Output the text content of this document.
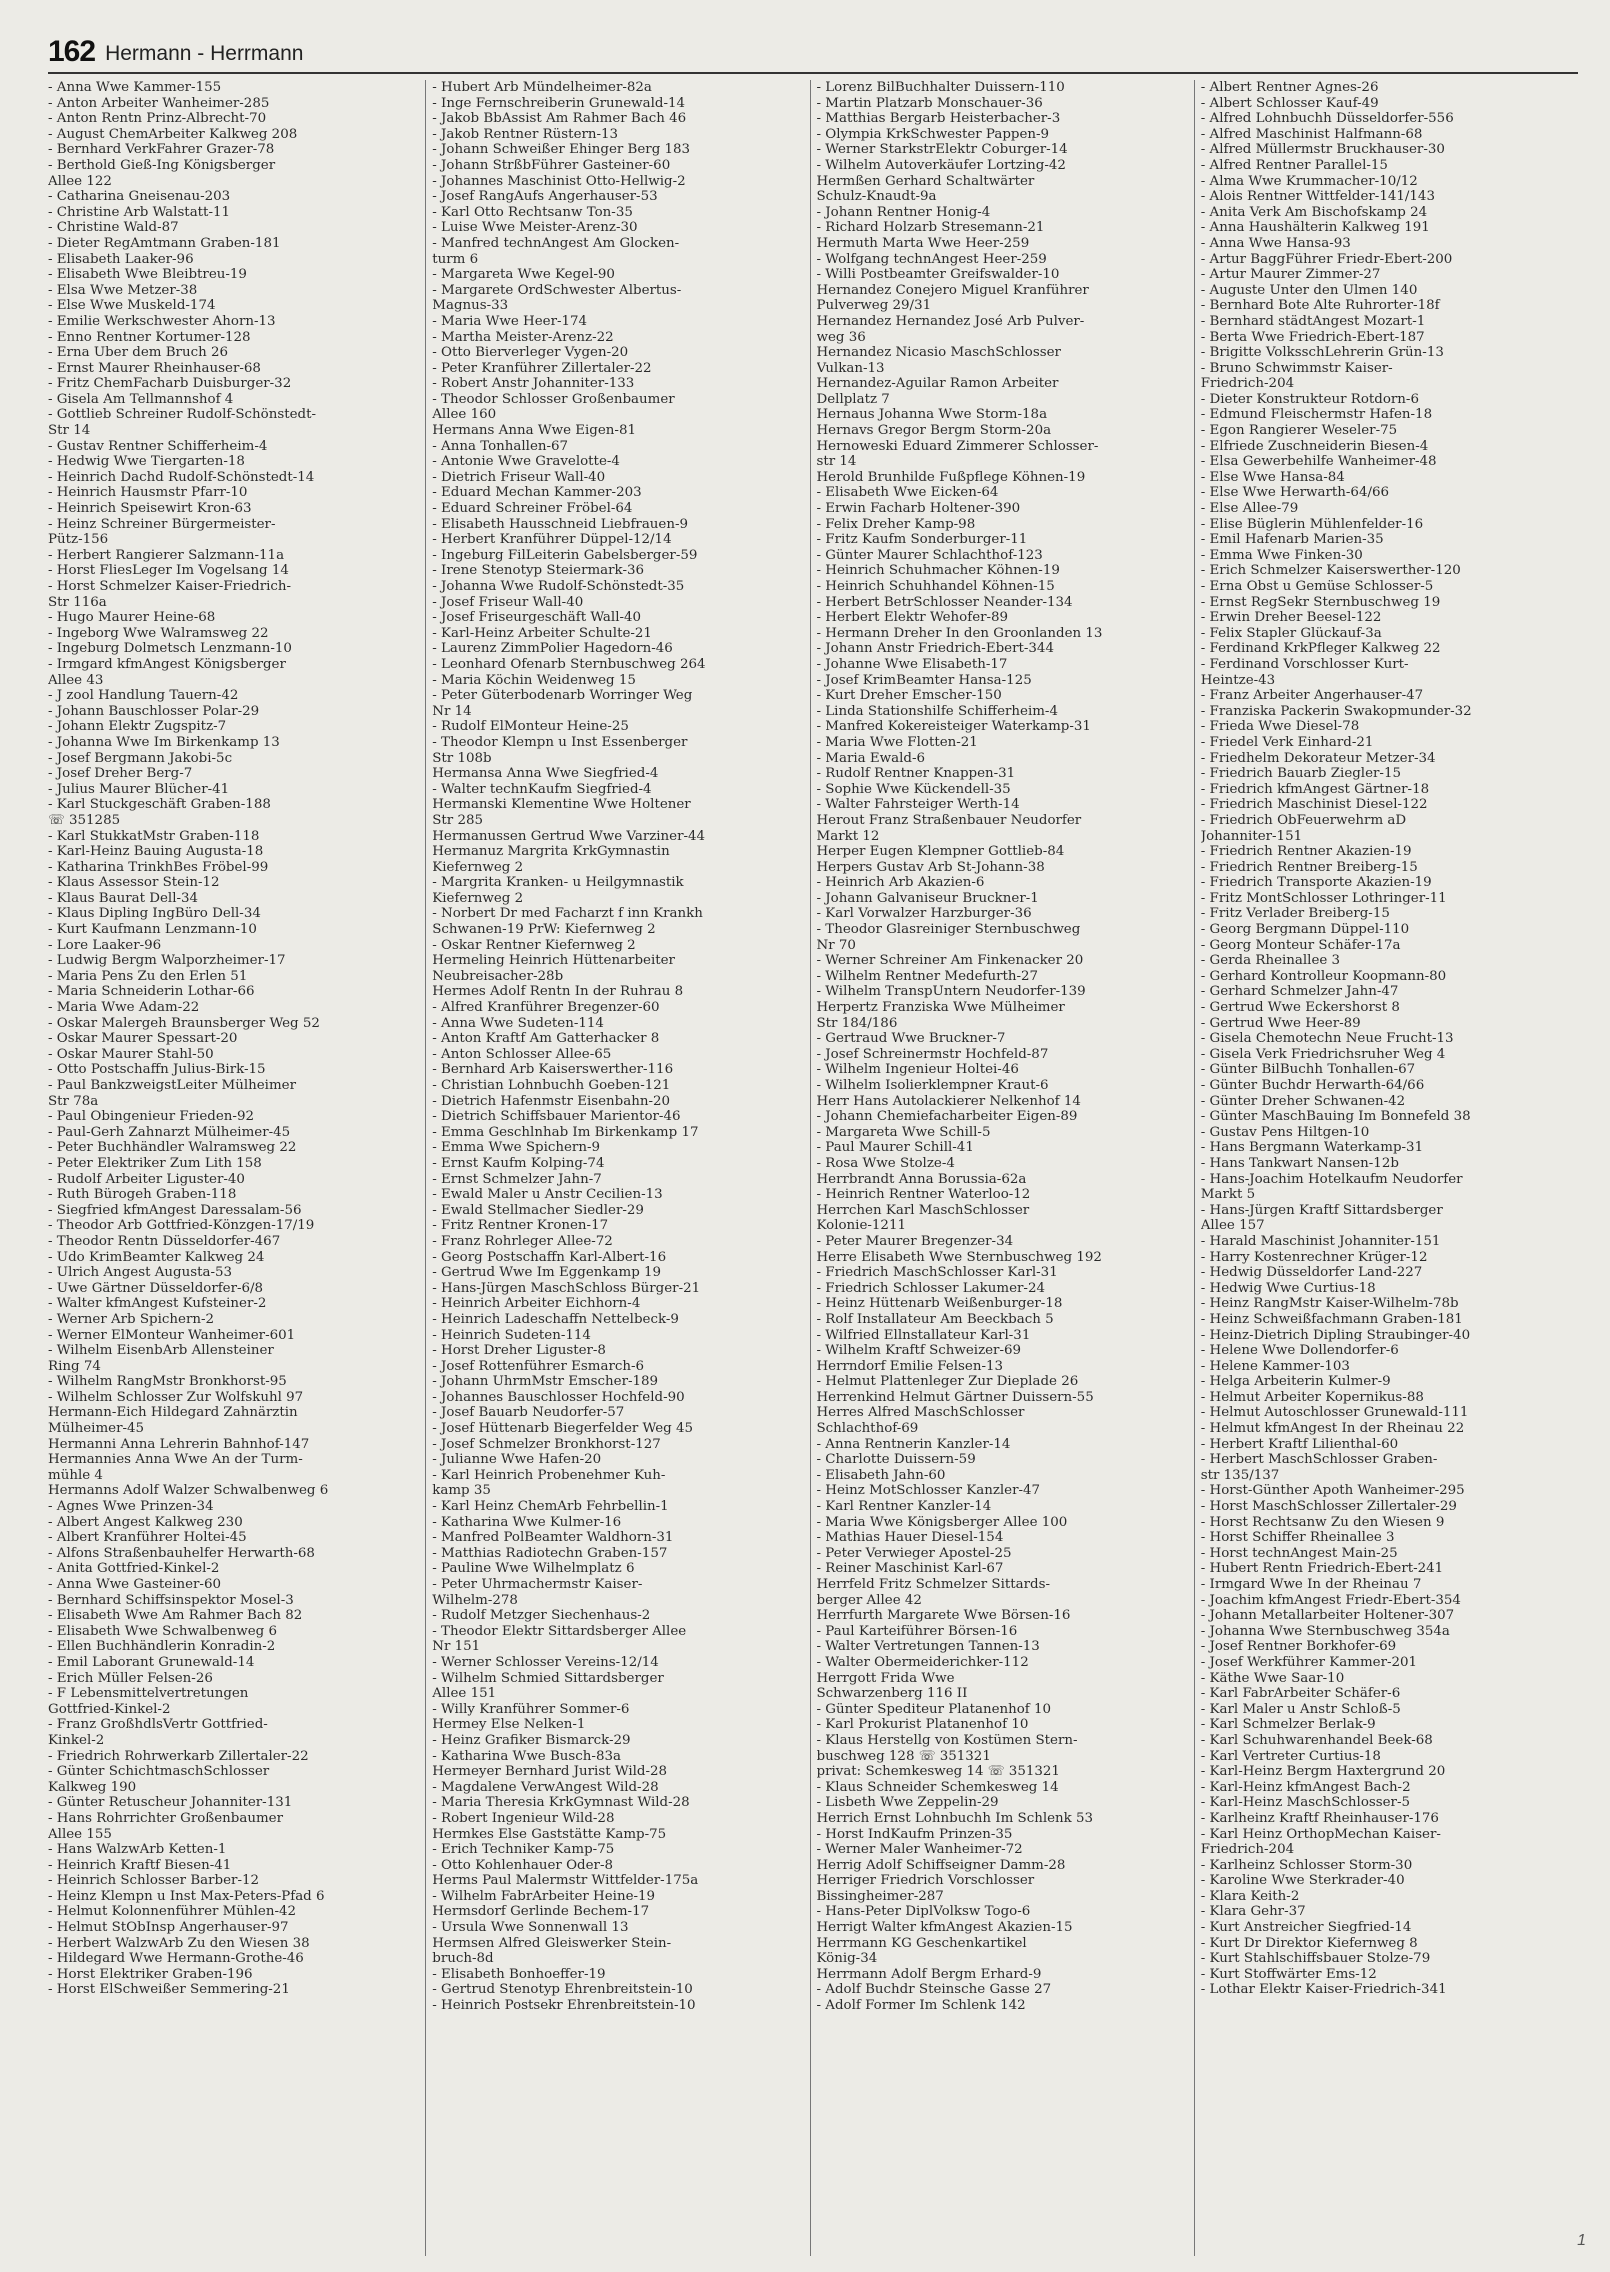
162 Hermann - Herrmann
- Anna Wwe Kammer-155
- Anton Arbeiter Wanheimer-285
- Anton Rentn Prinz-Albrecht-70
- August ChemArbeiter Kalkweg 208
- Bernhard VerkFahrer Grazer-78
- Berthold Gieß-Ing Königsberger
Allee 122
- Catharina Gneisenau-203
- Christine Arb Walstatt-11
- Christine Wald-87
- Dieter RegAmtmann Graben-181
- Elisabeth Laaker-96
- Elisabeth Wwe Bleibtreu-19
- Elsa Wwe Metzer-38
- Else Wwe Muskeld-174
- Emilie Werkschwester Ahorn-13
- Enno Rentner Kortumer-128
- Erna Über dem Bruch 26
- Ernst Maurer Rheinhauser-68
- Fritz ChemFacharb Duisburger-32
- Gisela Am Tellmannshof 4
- Gottlieb Schreiner Rudolf-Schönstedt-
Str 14
- Gustav Rentner Schifferheim-4
- Hedwig Wwe Tiergarten-18
- Heinrich Dachd Rudolf-Schönstedt-14
- Heinrich Hausmstr Pfarr-10
- Heinrich Speisewirt Kron-63
- Heinz Schreiner Bürgermeister-
Pütz-156
- Herbert Rangierer Salzmann-11a
- Horst FliesLeger Im Vogelsang 14
- Horst Schmelzer Kaiser-Friedrich-
Str 116a
- Hugo Maurer Heine-68
- Ingeborg Wwe Walramsweg 22
- Ingeburg Dolmetsch Lenzmann-10
- Irmgard kfmAngest Königsberger
Allee 43
- J zool Handlung Tauern-42
- Johann Bauschlosser Polar-29
- Johann Elektr Zugspitz-7
- Johanna Wwe Im Birkenkamp 13
- Josef Bergmann Jakobi-5c
- Josef Dreher Berg-7
- Julius Maurer Blücher-41
- Karl Stuckgeschäft Graben-188
☏ 351285
- Karl StukkatMstr Graben-118
- Karl-Heinz Bauing Augusta-18
- Katharina TrinkhBes Fröbel-99
- Klaus Assessor Stein-12
- Klaus Baurat Dell-34
- Klaus Dipling IngBüro Dell-34
- Kurt Kaufmann Lenzmann-10
- Lore Laaker-96
- Ludwig Bergm Walporzheimer-17
- Maria Pens Zu den Erlen 51
- Maria Schneiderin Lothar-66
- Maria Wwe Adam-22
- Oskar Malergeh Braunsberger Weg 52
- Oskar Maurer Spessart-20
- Oskar Maurer Stahl-50
- Otto Postschaffn Julius-Birk-15
- Paul BankzweigstLeiter Mülheimer
Str 78a
- Paul Obingenieur Frieden-92
- Paul-Gerh Zahnarzt Mülheimer-45
- Peter Buchhändler Walramsweg 22
- Peter Elektriker Zum Lith 158
- Rudolf Arbeiter Liguster-40
- Ruth Bürogeh Graben-118
- Siegfried kfmAngest Daressalam-56
- Theodor Arb Gottfried-Könzgen-17/19
- Theodor Rentn Düsseldorfer-467
- Udo KrimBeamter Kalkweg 24
- Ulrich Angest Augusta-53
- Uwe Gärtner Düsseldorfer-6/8
- Walter kfmAngest Kufsteiner-2
- Werner Arb Spichern-2
- Werner ElMonteur Wanheimer-601
- Wilhelm EisenbArb Allensteiner
Ring 74
- Wilhelm RangMstr Bronkhorst-95
- Wilhelm Schlosser Zur Wolfskuhl 97
Hermann-Eich Hildegard Zahnärztin
Mülheimer-45
Hermanni Anna Lehrerin Bahnhof-147
Hermannies Anna Wwe An der Turm-
mühle 4
Hermanns Adolf Walzer Schwalbenweg 6
- Agnes Wwe Prinzen-34
- Albert Angest Kalkweg 230
- Albert Kranführer Holtei-45
- Alfons Straßenbauhelfer Herwarth-68
- Anita Gottfried-Kinkel-2
- Anna Wwe Gasteiner-60
- Bernhard Schiffsinspektor Mosel-3
- Elisabeth Wwe Am Rahmer Bach 82
- Elisabeth Wwe Schwalbenweg 6
- Ellen Buchhändlerin Konradin-2
- Emil Laborant Grunewald-14
- Erich Müller Felsen-26
- F Lebensmittelvertretungen
Gottfried-Kinkel-2
- Franz GroßhdlsVertr Gottfried-
Kinkel-2
- Friedrich Rohrwerkarb Zillertaler-22
- Günter SchichtmaschSchlosser
Kalkweg 190
- Günter Retuscheur Johanniter-131
- Hans Rohrrichter Großenbaumer
Allee 155
- Hans WalzwArb Ketten-1
- Heinrich Kraftf Biesen-41
- Heinrich Schlosser Barber-12
- Heinz Klempn u Inst Max-Peters-Pfad 6
- Helmut Kolonnenführer Mühlen-42
- Helmut StObInsp Angerhauser-97
- Herbert WalzwArb Zu den Wiesen 38
- Hildegard Wwe Hermann-Grothe-46
- Horst Elektriker Graben-196
- Horst ElSchweißer Semmering-21
- Hubert Arb Mündelheimer-82a
- Inge Fernschreiberin Grunewald-14
- Jakob BbAssist Am Rahmer Bach 46
- Jakob Rentner Rüstern-13
- Johann Schweißer Ehinger Berg 183
- Johann StrßbFührer Gasteiner-60
- Johannes Maschinist Otto-Hellwig-2
- Josef RangAufs Angerhauser-53
- Karl Otto Rechtsanw Ton-35
- Luise Wwe Meister-Arenz-30
- Manfred technAngest Am Glocken-
turm 6
- Margareta Wwe Kegel-90
- Margarete OrdSchwester Albertus-
Magnus-33
- Maria Wwe Heer-174
- Martha Meister-Arenz-22
- Otto Bierverleger Vygen-20
- Peter Kranführer Zillertaler-22
- Robert Anstr Johanniter-133
- Theodor Schlosser Großenbaumer
Allee 160
Hermans Anna Wwe Eigen-81
- Anna Tonhallen-67
- Antonie Wwe Gravelotte-4
- Dietrich Friseur Wall-40
- Eduard Mechan Kammer-203
- Eduard Schreiner Fröbel-64
- Elisabeth Hausschneid Liebfrauen-9
- Herbert Kranführer Düppel-12/14
- Ingeburg FilLeiterin Gabelsberger-59
- Irene Stenotyp Steiermark-36
- Johanna Wwe Rudolf-Schönstedt-35
- Josef Friseur Wall-40
- Josef Friseurgeschäft Wall-40
- Karl-Heinz Arbeiter Schulte-21
- Laurenz ZimmPolier Hagedorn-46
- Leonhard Ofenarb Sternbuschweg 264
- Maria Köchin Weidenweg 15
- Peter Güterbodenarb Worringer Weg
Nr 14
- Rudolf ElMonteur Heine-25
- Theodor Klempn u Inst Essenberger
Str 108b
Hermansa Anna Wwe Siegfried-4
- Walter technKaufm Siegfried-4
Hermanski Klementine Wwe Holtener
Str 285
Hermanussen Gertrud Wwe Varziner-44
Hermanuz Margrita KrkGymnastin
Kiefernweg 2
- Margrita Kranken- u Heilgymnastik
Kiefernweg 2
- Norbert Dr med Facharzt f inn Krankh
Schwanen-19 PrW: Kiefernweg 2
- Oskar Rentner Kiefernweg 2
Hermeling Heinrich Hüttenarbeiter
Neubreisacher-28b
Hermes Adolf Rentn In der Ruhrau 8
- Alfred Kranführer Bregenzer-60
- Anna Wwe Sudeten-114
- Anton Kraftf Am Gatterhacker 8
- Anton Schlosser Allee-65
- Bernhard Arb Kaiserswerther-116
- Christian Lohnbuchh Goeben-121
- Dietrich Hafenmstr Eisenbahn-20
- Dietrich Schiffsbauer Marientor-46
- Emma Geschlnhab Im Birkenkamp 17
- Emma Wwe Spichern-9
- Ernst Kaufm Kolping-74
- Ernst Schmelzer Jahn-7
- Ewald Maler u Anstr Cecilien-13
- Ewald Stellmacher Siedler-29
- Fritz Rentner Kronen-17
- Franz Rohrleger Allee-72
- Georg Postschaffn Karl-Albert-16
- Gertrud Wwe Im Eggenkamp 19
- Hans-Jürgen MaschSchloss Bürger-21
- Heinrich Arbeiter Eichhorn-4
- Heinrich Ladeschaffn Nettelbeck-9
- Heinrich Sudeten-114
- Horst Dreher Liguster-8
- Josef Rottenführer Esmarch-6
- Johann UhrmMstr Emscher-189
- Johannes Bauschlosser Hochfeld-90
- Josef Bauarb Neudorfer-57
- Josef Hüttenarb Biegerfelder Weg 45
- Josef Schmelzer Bronkhorst-127
- Julianne Wwe Hafen-20
- Karl Heinrich Probenehmer Kuh-
kamp 35
- Karl Heinz ChemArb Fehrbellin-1
- Katharina Wwe Kulmer-16
- Manfred PolBeamter Waldhorn-31
- Matthias Radiotechn Graben-157
- Pauline Wwe Wilhelmplatz 6
- Peter Uhrmachermstr Kaiser-
Wilhelm-278
- Rudolf Metzger Siechenhaus-2
- Theodor Elektr Sittardsberger Allee
Nr 151
- Werner Schlosser Vereins-12/14
- Wilhelm Schmied Sittardsberger
Allee 151
- Willy Kranführer Sommer-6
Hermey Else Nelken-1
- Heinz Grafiker Bismarck-29
- Katharina Wwe Busch-83a
Hermeyer Bernhard Jurist Wild-28
- Magdalene VerwAngest Wild-28
- Maria Theresia KrkGymnast Wild-28
- Robert Ingenieur Wild-28
Hermkes Else Gaststätte Kamp-75
- Erich Techniker Kamp-75
- Otto Kohlenhauer Oder-8
Herms Paul Malermstr Wittfelder-175a
- Wilhelm FabrArbeiter Heine-19
Hermsdorf Gerlinde Bechem-17
- Ursula Wwe Sonnenwall 13
Hermsen Alfred Gleiswerker Stein-
bruch-8d
- Elisabeth Bonhoeffer-19
- Gertrud Stenotyp Ehrenbreitstein-10
- Heinrich Postsekr Ehrenbreitstein-10
- Lorenz BilBuchhalter Duissern-110
- Martin Platzarb Monschauer-36
- Matthias Bergarb Heisterbacher-3
- Olympia KrkSchwester Pappen-9
- Werner StarkstrElektr Coburger-14
- Wilhelm Autoverkäufer Lortzing-42
Hermßen Gerhard Schaltwärter
Schulz-Knaudt-9a
- Johann Rentner Honig-4
- Richard Holzarb Stresemann-21
Hermuth Marta Wwe Heer-259
- Wolfgang technAngest Heer-259
- Willi Postbeamter Greifswalder-10
Hernandez Conejero Miguel Kranführer
Pulverweg 29/31
Hernandez Hernandez José Arb Pulver-
weg 36
Hernandez Nicasio MaschSchlosser
Vulkan-13
Hernandez-Aguilar Ramon Arbeiter
Dellplatz 7
Hernaus Johanna Wwe Storm-18a
Hernavs Gregor Bergm Storm-20a
Hernoweski Eduard Zimmerer Schlosser-
str 14
Herold Brunhilde Fußpflege Köhnen-19
- Elisabeth Wwe Eicken-64
- Erwin Facharb Holtener-390
- Felix Dreher Kamp-98
- Fritz Kaufm Sonderburger-11
- Günter Maurer Schlachthof-123
- Heinrich Schuhmacher Köhnen-19
- Heinrich Schuhhandel Köhnen-15
- Herbert BetrSchlosser Neander-134
- Herbert Elektr Wehofer-89
- Hermann Dreher In den Groonlanden 13
- Johann Anstr Friedrich-Ebert-344
- Johanne Wwe Elisabeth-17
- Josef KrimBeamter Hansa-125
- Kurt Dreher Emscher-150
- Linda Stationshilfe Schifferheim-4
- Manfred Kokereisteiger Waterkamp-31
- Maria Wwe Flotten-21
- Maria Ewald-6
- Rudolf Rentner Knappen-31
- Sophie Wwe Kückendell-35
- Walter Fahrsteiger Werth-14
Herout Franz Straßenbauer Neudorfer
Markt 12
Herper Eugen Klempner Gottlieb-84
Herpers Gustav Arb St-Johann-38
- Heinrich Arb Akazien-6
- Johann Galvaniseur Bruckner-1
- Karl Vorwalzer Harzburger-36
- Theodor Glasreiniger Sternbuschweg
Nr 70
- Werner Schreiner Am Finkenacker 20
- Wilhelm Rentner Medefurth-27
- Wilhelm TranspUntern Neudorfer-139
Herpertz Franziska Wwe Mülheimer
Str 184/186
- Gertraud Wwe Bruckner-7
- Josef Schreinermstr Hochfeld-87
- Wilhelm Ingenieur Holtei-46
- Wilhelm Isolierklempner Kraut-6
Herr Hans Autolackierer Nelkenhof 14
- Johann Chemiefacharbeiter Eigen-89
- Margareta Wwe Schill-5
- Paul Maurer Schill-41
- Rosa Wwe Stolze-4
Herrbrandt Anna Borussia-62a
- Heinrich Rentner Waterloo-12
Herrchen Karl MaschSchlosser
Kolonie-1211
- Peter Maurer Bregenzer-34
Herre Elisabeth Wwe Sternbuschweg 192
- Friedrich MaschSchlosser Karl-31
- Friedrich Schlosser Lakumer-24
- Heinz Hüttenarb Weißenburger-18
- Rolf Installateur Am Beeckbach 5
- Wilfried Ellnstallateur Karl-31
- Wilhelm Kraftf Schweizer-69
Herrndorf Emilie Felsen-13
- Helmut Plattenleger Zur Dieplade 26
Herrenkind Helmut Gärtner Duissern-55
Herres Alfred MaschSchlosser
Schlachthof-69
- Anna Rentnerin Kanzler-14
- Charlotte Duissern-59
- Elisabeth Jahn-60
- Heinz MotSchlosser Kanzler-47
- Karl Rentner Kanzler-14
- Maria Wwe Königsberger Allee 100
- Mathias Hauer Diesel-154
- Peter Verwieger Apostel-25
- Reiner Maschinist Karl-67
Herrfeld Fritz Schmelzer Sittards-
berger Allee 42
Herrfurth Margarete Wwe Börsen-16
- Paul Karteiführer Börsen-16
- Walter Vertretungen Tannen-13
- Walter Obermeiderichker-112
Herrgott Frida Wwe
Schwarzenberg 116 II
- Günter Spediteur Platanenhof 10
- Karl Prokurist Platanenhof 10
- Klaus Herstellg von Kostümen Stern-
buschweg 128 ☏ 351321
privat: Schemkesweg 14 ☏ 351321
- Klaus Schneider Schemkesweg 14
- Lisbeth Wwe Zeppelin-29
Herrich Ernst Lohnbuchh Im Schlenk 53
- Horst IndKaufm Prinzen-35
- Werner Maler Wanheimer-72
Herrig Adolf Schiffseigner Damm-28
Herriger Friedrich Vorschlosser
Bissingheimer-287
- Hans-Peter DiplVolksw Togo-6
Herrigt Walter kfmAngest Akazien-15
Herrmann KG Geschenkartikel
König-34
Herrmann Adolf Bergm Erhard-9
- Adolf Buchdr Steinsche Gasse 27
- Adolf Former Im Schlenk 142
- Albert Rentner Agnes-26
- Albert Schlosser Kauf-49
- Alfred Lohnbuchh Düsseldorfer-556
- Alfred Maschinist Halfmann-68
- Alfred Müllermstr Bruckhauser-30
- Alfred Rentner Parallel-15
- Alma Wwe Krummacher-10/12
- Alois Rentner Wittfelder-141/143
- Anita Verk Am Bischofskamp 24
- Anna Haushälterin Kalkweg 191
- Anna Wwe Hansa-93
- Artur BaggFührer Friedr-Ebert-200
- Artur Maurer Zimmer-27
- Auguste Unter den Ulmen 140
- Bernhard Bote Alte Ruhrorter-18f
- Bernhard städtAngest Mozart-1
- Berta Wwe Friedrich-Ebert-187
- Brigitte VolksschLehrerin Grün-13
- Bruno Schwimmstr Kaiser-
Friedrich-204
- Dieter Konstrukteur Rotdorn-6
- Edmund Fleischermstr Hafen-18
- Egon Rangierer Weseler-75
- Elfriede Zuschneiderin Biesen-4
- Elsa Gewerbehilfe Wanheimer-48
- Else Wwe Hansa-84
- Else Wwe Herwarth-64/66
- Else Allee-79
- Elise Büglerin Mühlenfelder-16
- Emil Hafenarb Marien-35
- Emma Wwe Finken-30
- Erich Schmelzer Kaiserswerther-120
- Erna Obst u Gemüse Schlosser-5
- Ernst RegSekr Sternbuschweg 19
- Erwin Dreher Beesel-122
- Felix Stapler Glückauf-3a
- Ferdinand KrkPfleger Kalkweg 22
- Ferdinand Vorschlosser Kurt-
Heintze-43
- Franz Arbeiter Angerhauser-47
- Franziska Packerin Swakopmunder-32
- Frieda Wwe Diesel-78
- Friedel Verk Einhard-21
- Friedhelm Dekorateur Metzer-34
- Friedrich Bauarb Ziegler-15
- Friedrich kfmAngest Gärtner-18
- Friedrich Maschinist Diesel-122
- Friedrich ObFeuerwehrm aD
Johanniter-151
- Friedrich Rentner Akazien-19
- Friedrich Rentner Breiberg-15
- Friedrich Transporte Akazien-19
- Fritz MontSchlosser Lothringer-11
- Fritz Verlader Breiberg-15
- Georg Bergmann Düppel-110
- Georg Monteur Schäfer-17a
- Gerda Rheinallee 3
- Gerhard Kontrolleur Koopmann-80
- Gerhard Schmelzer Jahn-47
- Gertrud Wwe Eckershorst 8
- Gertrud Wwe Heer-89
- Gisela Chemotechn Neue Frucht-13
- Gisela Verk Friedrichsruher Weg 4
- Günter BilBuchh Tonhallen-67
- Günter Buchdr Herwarth-64/66
- Günter Dreher Schwanen-42
- Günter MaschBauing Im Bonnefeld 38
- Gustav Pens Hiltgen-10
- Hans Bergmann Waterkamp-31
- Hans Tankwart Nansen-12b
- Hans-Joachim Hotelkaufm Neudorfer
Markt 5
- Hans-Jürgen Kraftf Sittardsberger
Allee 157
- Harald Maschinist Johanniter-151
- Harry Kostenrechner Krüger-12
- Hedwig Düsseldorfer Land-227
- Hedwig Wwe Curtius-18
- Heinz RangMstr Kaiser-Wilhelm-78b
- Heinz Schweißfachmann Graben-181
- Heinz-Dietrich Dipling Straubinger-40
- Helene Wwe Dollendorfer-6
- Helene Kammer-103
- Helga Arbeiterin Kulmer-9
- Helmut Arbeiter Kopernikus-88
- Helmut Autoschlosser Grunewald-111
- Helmut kfmAngest In der Rheinau 22
- Herbert Kraftf Lilienthal-60
- Herbert MaschSchlosser Graben-
str 135/137
- Horst-Günther Apoth Wanheimer-295
- Horst MaschSchlosser Zillertaler-29
- Horst Rechtsanw Zu den Wiesen 9
- Horst Schiffer Rheinallee 3
- Horst technAngest Main-25
- Hubert Rentn Friedrich-Ebert-241
- Irmgard Wwe In der Rheinau 7
- Joachim kfmAngest Friedr-Ebert-354
- Johann Metallarbeiter Holtener-307
- Johanna Wwe Sternbuschweg 354a
- Josef Rentner Borkhofer-69
- Josef Werkführer Kammer-201
- Käthe Wwe Saar-10
- Karl FabrArbeiter Schäfer-6
- Karl Maler u Anstr Schloß-5
- Karl Schmelzer Berlak-9
- Karl Schuhwarenhandel Beek-68
- Karl Vertreter Curtius-18
- Karl-Heinz Bergm Haxtergrund 20
- Karl-Heinz kfmAngest Bach-2
- Karl-Heinz MaschSchlosser-5
- Karlheinz Kraftf Rheinhauser-176
- Karl Heinz OrthopMechan Kaiser-
Friedrich-204
- Karlheinz Schlosser Storm-30
- Karoline Wwe Sterkrader-40
- Klara Keith-2
- Klara Gehr-37
- Kurt Anstreicher Siegfried-14
- Kurt Dr Direktor Kiefernweg 8
- Kurt Stahlschiffsbauer Stolze-79
- Kurt Stoffwärter Ems-12
- Lothar Elektr Kaiser-Friedrich-341
1
